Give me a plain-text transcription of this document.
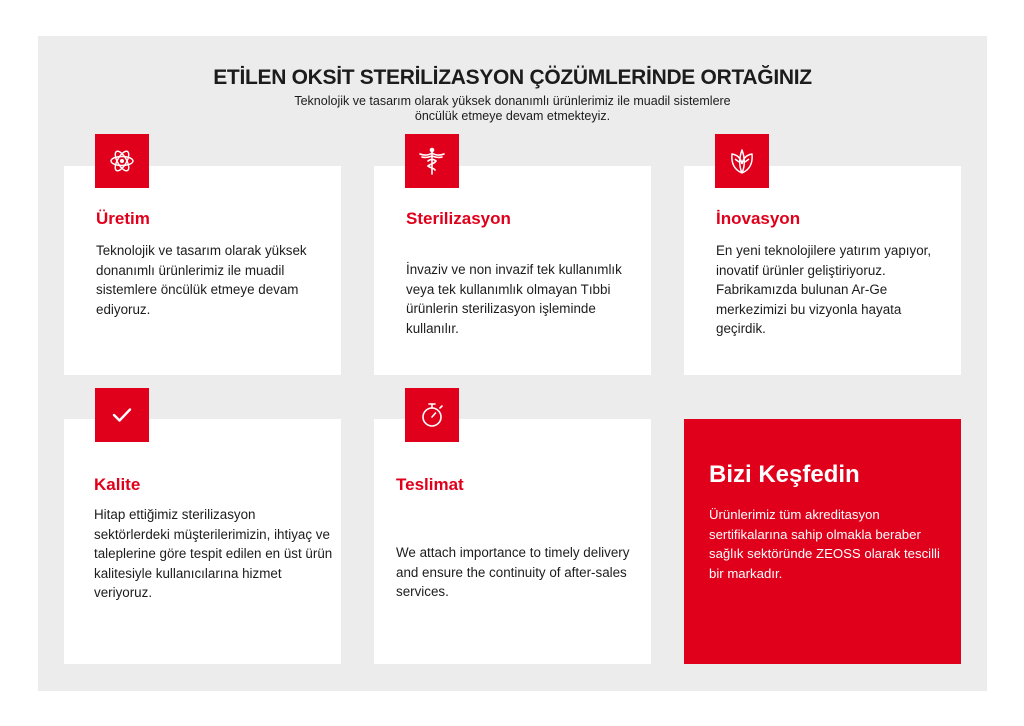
ETİLEN OKSİT STERİLİZASYON ÇÖZÜMLERİNDE ORTAĞINIZ

Teknolojik ve tasarım olarak yüksek donanımlı ürünlerimiz ile muadil sistemlere öncülük etmeye devam etmekteyiz.

Üretim

Teknolojik ve tasarım olarak yüksek donanımlı ürünlerimiz ile muadil sistemlere öncülük etmeye devam ediyoruz.

Sterilizasyon

İnvaziv ve non invazif tek kullanımlık veya tek kullanımlık olmayan Tıbbi ürünlerin sterilizasyon işleminde kullanılır.

İnovasyon

En yeni teknolojilere yatırım yapıyor, inovatif ürünler geliştiriyoruz. Fabrikamızda bulunan Ar-Ge merkezimizi bu vizyonla hayata geçirdik.

Kalite

Hitap ettiğimiz sterilizasyon sektörlerdeki müşterilerimizin, ihtiyaç ve taleplerine göre tespit edilen en üst ürün kalitesiyle kullanıcılarına hizmet veriyoruz.

Teslimat

We attach importance to timely delivery and ensure the continuity of after-sales services.

Bizi Keşfedin

Ürünlerimiz tüm akreditasyon sertifikalarına sahip olmakla beraber sağlık sektöründe ZEOSS olarak tescilli bir markadır.
